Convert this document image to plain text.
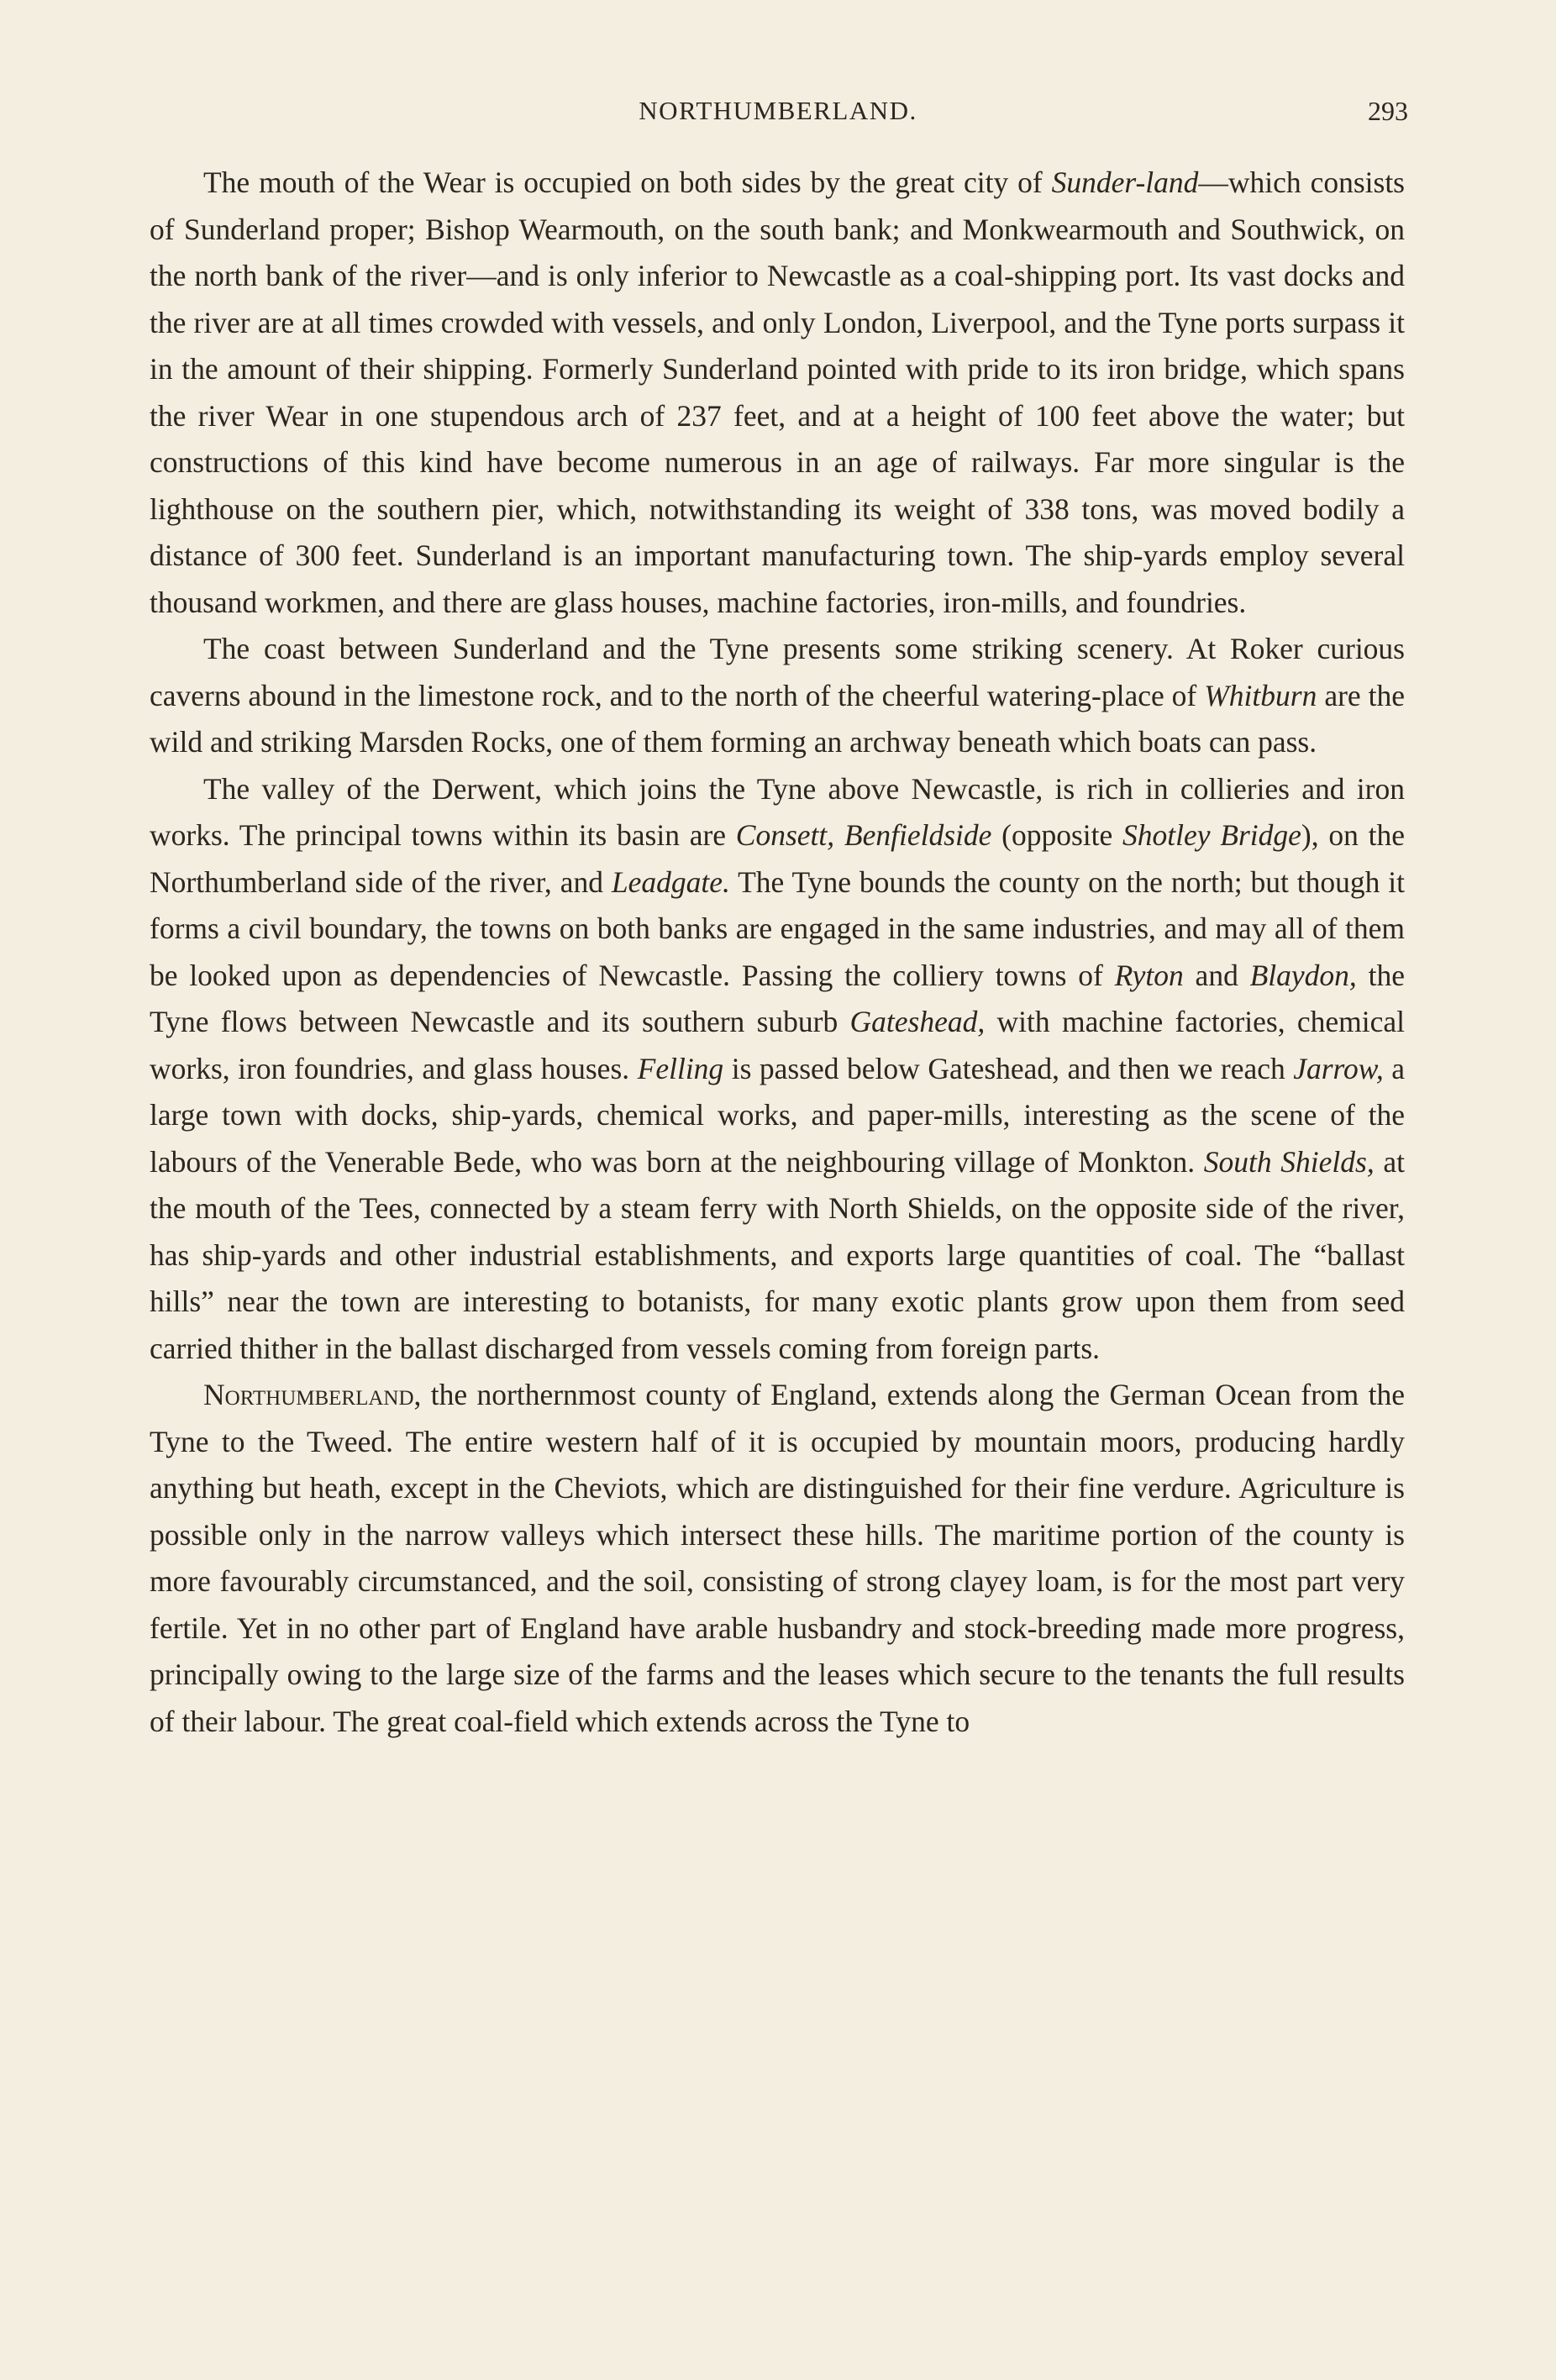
NORTHUMBERLAND.	293

The mouth of the Wear is occupied on both sides by the great city of Sunder-land—which consists of Sunderland proper; Bishop Wearmouth, on the south bank; and Monkwearmouth and Southwick, on the north bank of the river—and is only inferior to Newcastle as a coal-shipping port. Its vast docks and the river are at all times crowded with vessels, and only London, Liverpool, and the Tyne ports surpass it in the amount of their shipping. Formerly Sunderland pointed with pride to its iron bridge, which spans the river Wear in one stupendous arch of 237 feet, and at a height of 100 feet above the water; but constructions of this kind have become numerous in an age of railways. Far more singular is the lighthouse on the southern pier, which, notwithstanding its weight of 338 tons, was moved bodily a distance of 300 feet. Sunderland is an important manufacturing town. The ship-yards employ several thousand workmen, and there are glass houses, machine factories, iron-mills, and foundries.

The coast between Sunderland and the Tyne presents some striking scenery. At Roker curious caverns abound in the limestone rock, and to the north of the cheerful watering-place of Whitburn are the wild and striking Marsden Rocks, one of them forming an archway beneath which boats can pass.

The valley of the Derwent, which joins the Tyne above Newcastle, is rich in collieries and iron works. The principal towns within its basin are Consett, Benfieldside (opposite Shotley Bridge), on the Northumberland side of the river, and Leadgate. The Tyne bounds the county on the north; but though it forms a civil boundary, the towns on both banks are engaged in the same industries, and may all of them be looked upon as dependencies of Newcastle. Passing the colliery towns of Ryton and Blaydon, the Tyne flows between Newcastle and its southern suburb Gateshead, with machine factories, chemical works, iron foundries, and glass houses. Felling is passed below Gateshead, and then we reach Jarrow, a large town with docks, ship-yards, chemical works, and paper-mills, interesting as the scene of the labours of the Venerable Bede, who was born at the neighbouring village of Monkton. South Shields, at the mouth of the Tees, connected by a steam ferry with North Shields, on the opposite side of the river, has ship-yards and other industrial establishments, and exports large quantities of coal. The “ballast hills” near the town are interesting to botanists, for many exotic plants grow upon them from seed carried thither in the ballast discharged from vessels coming from foreign parts.

Northumberland, the northernmost county of England, extends along the German Ocean from the Tyne to the Tweed. The entire western half of it is occupied by mountain moors, producing hardly anything but heath, except in the Cheviots, which are distinguished for their fine verdure. Agriculture is possible only in the narrow valleys which intersect these hills. The maritime portion of the county is more favourably circumstanced, and the soil, consisting of strong clayey loam, is for the most part very fertile. Yet in no other part of England have arable husbandry and stock-breeding made more progress, principally owing to the large size of the farms and the leases which secure to the tenants the full results of their labour. The great coal-field which extends across the Tyne to
